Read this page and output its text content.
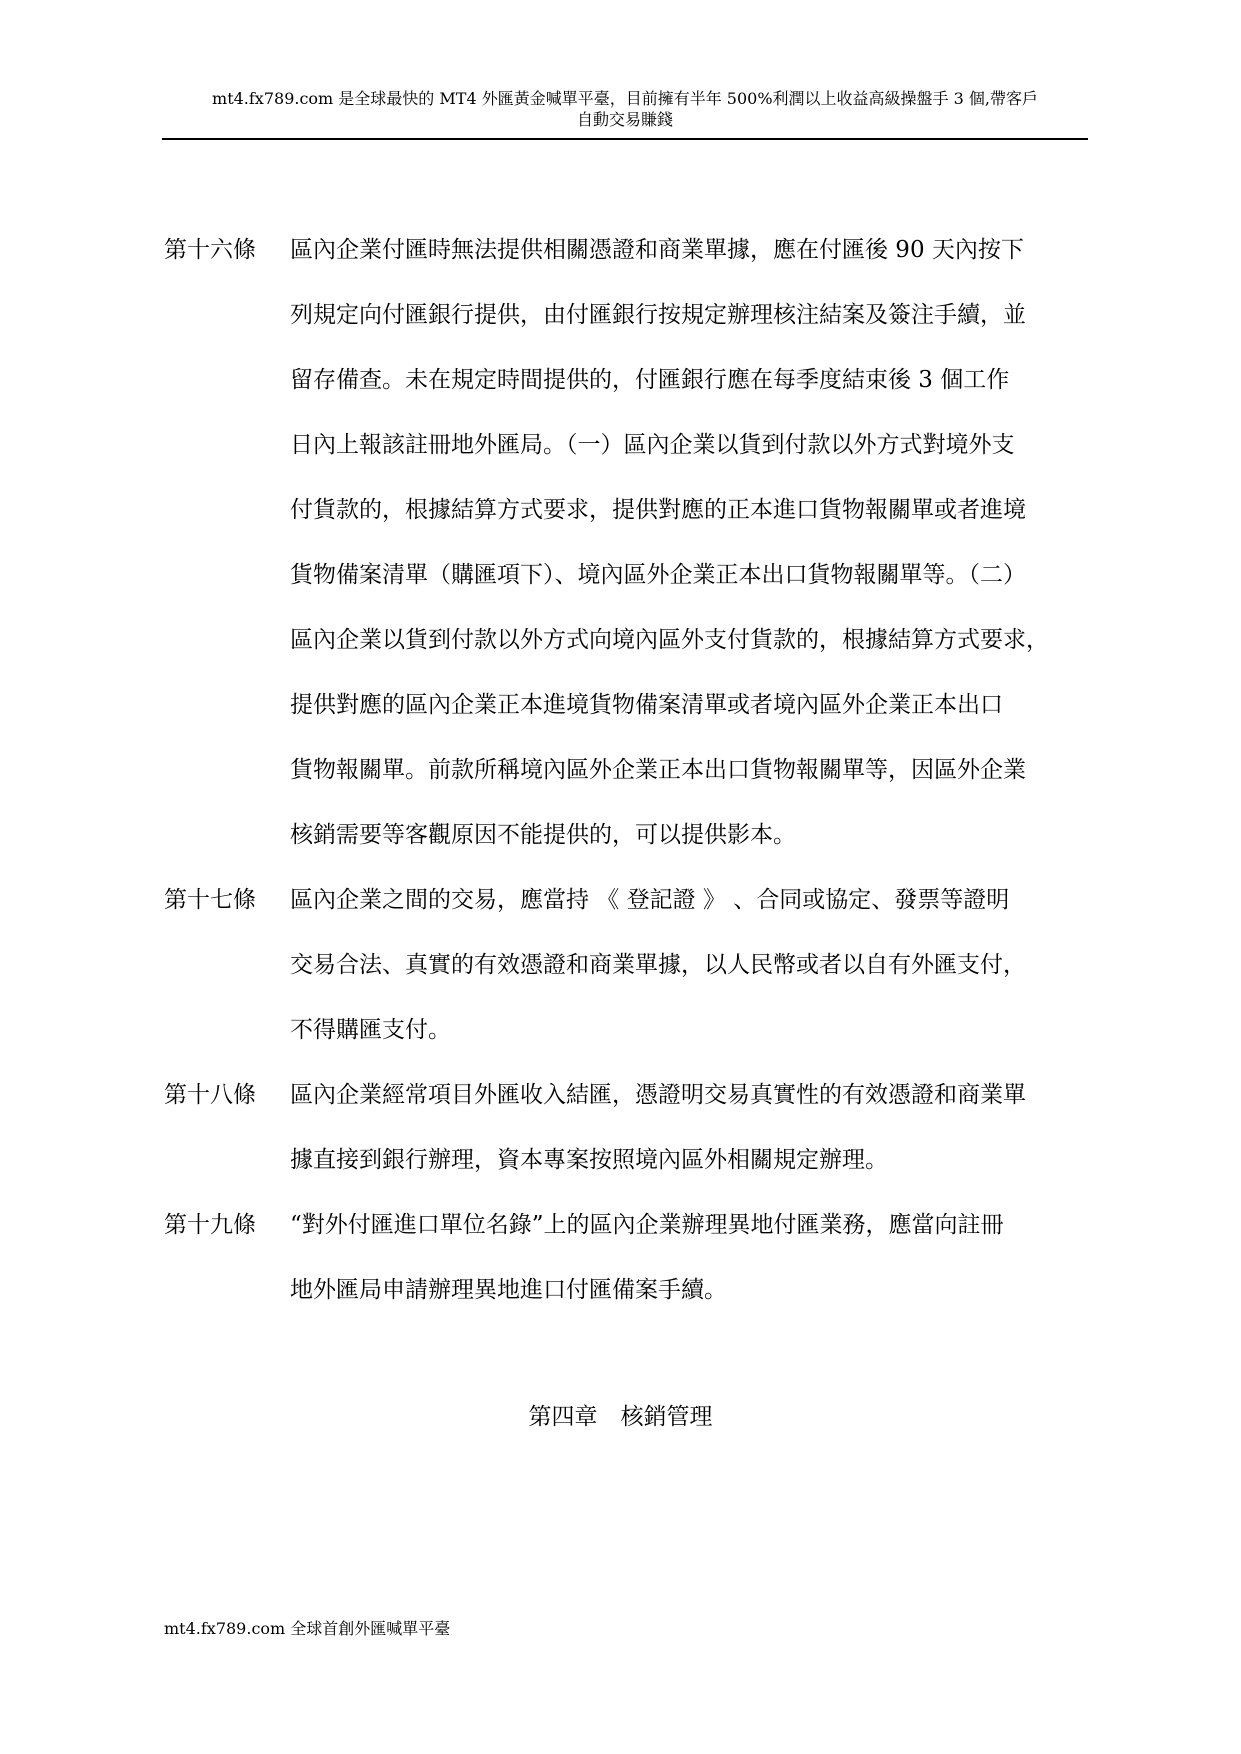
mt4.fx789.com 是全球最快的 MT4 外匯黃金喊單平臺，目前擁有半年 500%利潤以上收益高級操盤手 3 個,帶客戶
自動交易賺錢
第十六條 區內企業付匯時無法提供相關憑證和商業單據，應在付匯後 90 天內按下
列規定向付匯銀行提供，由付匯銀行按規定辦理核注結案及簽注手續，並
留存備查。未在規定時間提供的，付匯銀行應在每季度結束後 3 個工作
日內上報該註冊地外匯局。（一）區內企業以貨到付款以外方式對境外支
付貨款的，根據結算方式要求，提供對應的正本進口貨物報關單或者進境
貨物備案清單（購匯項下）、境內區外企業正本出口貨物報關單等。（二）
區內企業以貨到付款以外方式向境內區外支付貨款的，根據結算方式要求，
提供對應的區內企業正本進境貨物備案清單或者境內區外企業正本出口
貨物報關單。前款所稱境內區外企業正本出口貨物報關單等，因區外企業
核銷需要等客觀原因不能提供的，可以提供影本。
第十七條 區內企業之間的交易，應當持 《 登記證 》 、合同或協定、發票等證明
交易合法、真實的有效憑證和商業單據，以人民幣或者以自有外匯支付，
不得購匯支付。
第十八條 區內企業經常項目外匯收入結匯，憑證明交易真實性的有效憑證和商業單
據直接到銀行辦理，資本專案按照境內區外相關規定辦理。
第十九條 “對外付匯進口單位名錄”上的區內企業辦理異地付匯業務，應當向註冊
地外匯局申請辦理異地進口付匯備案手續。
第四章　核銷管理
mt4.fx789.com 全球首創外匯喊單平臺
